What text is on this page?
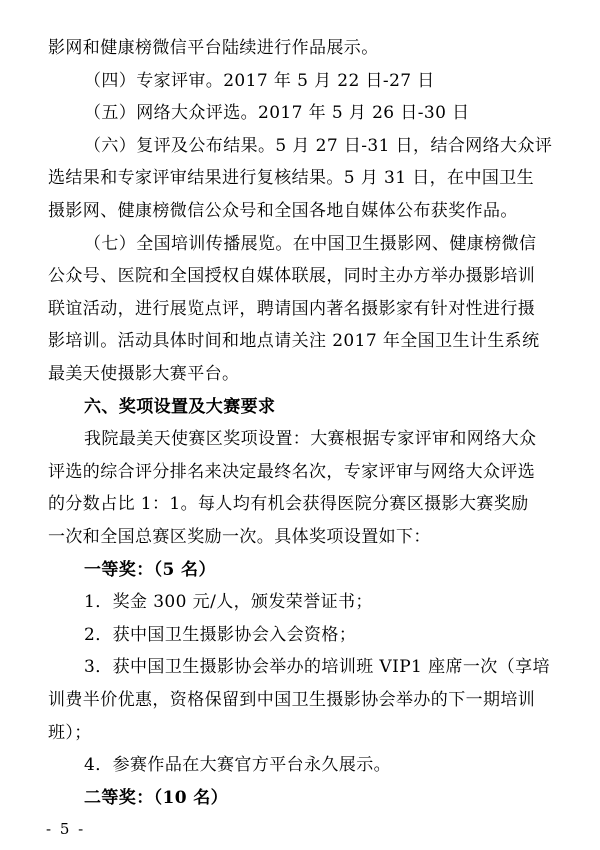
影网和健康榜微信平台陆续进行作品展示。
（四）专家评审。2017 年 5 月 22 日-27 日
（五）网络大众评选。2017 年 5 月 26 日-30 日
（六）复评及公布结果。5 月 27 日-31 日，结合网络大众评
选结果和专家评审结果进行复核结果。5 月 31 日，在中国卫生
摄影网、健康榜微信公众号和全国各地自媒体公布获奖作品。
（七）全国培训传播展览。在中国卫生摄影网、健康榜微信
公众号、医院和全国授权自媒体联展，同时主办方举办摄影培训
联谊活动，进行展览点评，聘请国内著名摄影家有针对性进行摄
影培训。活动具体时间和地点请关注 2017 年全国卫生计生系统
最美天使摄影大赛平台。
六、奖项设置及大赛要求
我院最美天使赛区奖项设置：大赛根据专家评审和网络大众
评选的综合评分排名来决定最终名次，专家评审与网络大众评选
的分数占比 1：1。每人均有机会获得医院分赛区摄影大赛奖励
一次和全国总赛区奖励一次。具体奖项设置如下：
一等奖：（5 名）
1．奖金 300 元/人，颁发荣誉证书；
2．获中国卫生摄影协会入会资格；
3．获中国卫生摄影协会举办的培训班 VIP1 座席一次（享培
训费半价优惠，资格保留到中国卫生摄影协会举办的下一期培训
班）；
4．参赛作品在大赛官方平台永久展示。
二等奖：（10 名）
- 5 -
